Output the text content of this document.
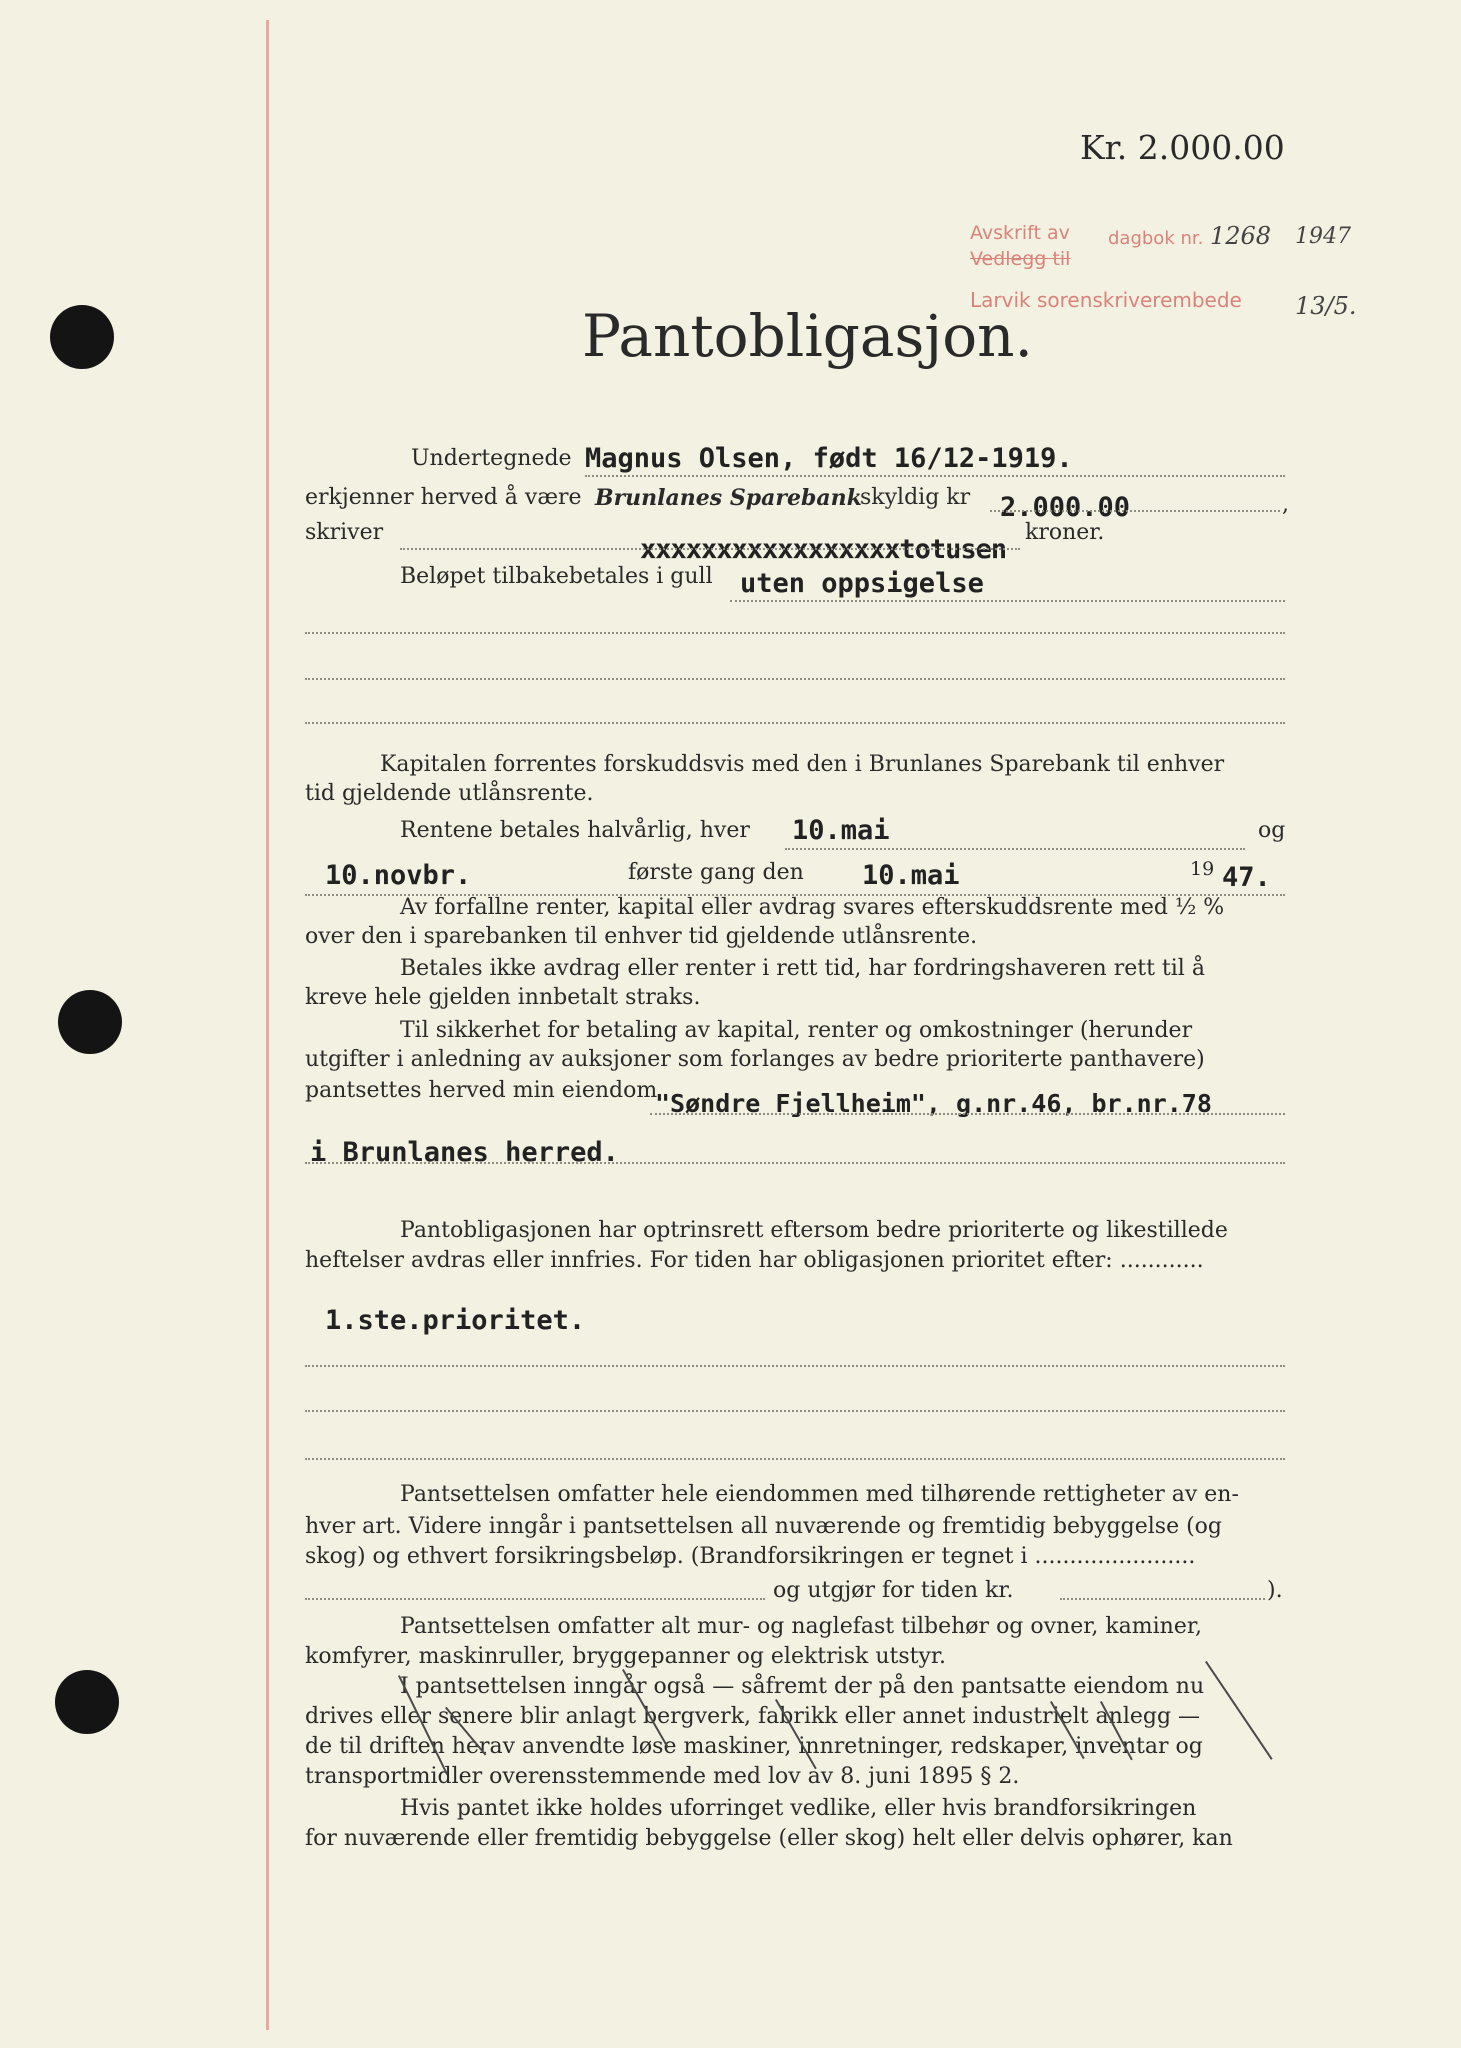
Kr. 2.000.00
Avskrift av dagbok nr. 1268 1947
Vedlegg til
Larvik sorenskriverembede 13/5.
Pantobligasjon.
Undertegnede Magnus Olsen, født 16/12-1919.
erkjenner herved å være Brunlanes Sparebank
skyldig kr 2.000.00	,
skriver
xxxxxxxxxxxxxxxxxtotusen
kroner.
Beløpet tilbakebetales i gull uten oppsigelse
Kapitalen forrentes forskuddsvis med den i Brunlanes Sparebank til enhver
tid gjeldende utlånsrente.
Rentene betales halvårlig, hver 10.mai	og
10.novbr.	første gang den 10.mai	19 47.
Av forfallne renter, kapital eller avdrag svares efterskuddsrente med ½ %
over den i sparebanken til enhver tid gjeldende utlånsrente.
Betales ikke avdrag eller renter i rett tid, har fordringshaveren rett til å
kreve hele gjelden innbetalt straks.
Til sikkerhet for betaling av kapital, renter og omkostninger (herunder
utgifter i anledning av auksjoner som forlanges av bedre prioriterte panthavere)
pantsettes herved min eiendom
"Søndre Fjellheim", g.nr.46, br.nr.78
i Brunlanes herred.
Pantobligasjonen har optrinsrett eftersom bedre prioriterte og likestillede
heftelser avdras eller innfries. For tiden har obligasjonen prioritet efter: ............
1.ste.prioritet.
Pantsettelsen omfatter hele eiendommen med tilhørende rettigheter av en-
hver art. Videre inngår i pantsettelsen all nuværende og fremtidig bebyggelse (og
skog) og ethvert forsikringsbeløp. (Brandforsikringen er tegnet i .......................
og utgjør for tiden kr.	).
Pantsettelsen omfatter alt mur- og naglefast tilbehør og ovner, kaminer,
komfyrer, maskinruller, bryggepanner og elektrisk utstyr.
I pantsettelsen inngår også — såfremt der på den pantsatte eiendom nu
drives eller senere blir anlagt bergverk, fabrikk eller annet industrielt anlegg —
de til driften herav anvendte løse maskiner, innretninger, redskaper, inventar og
transportmidler overensstemmende med lov av 8. juni 1895 § 2.
Hvis pantet ikke holdes uforringet vedlike, eller hvis brandforsikringen
for nuværende eller fremtidig bebyggelse (eller skog) helt eller delvis ophører, kan
